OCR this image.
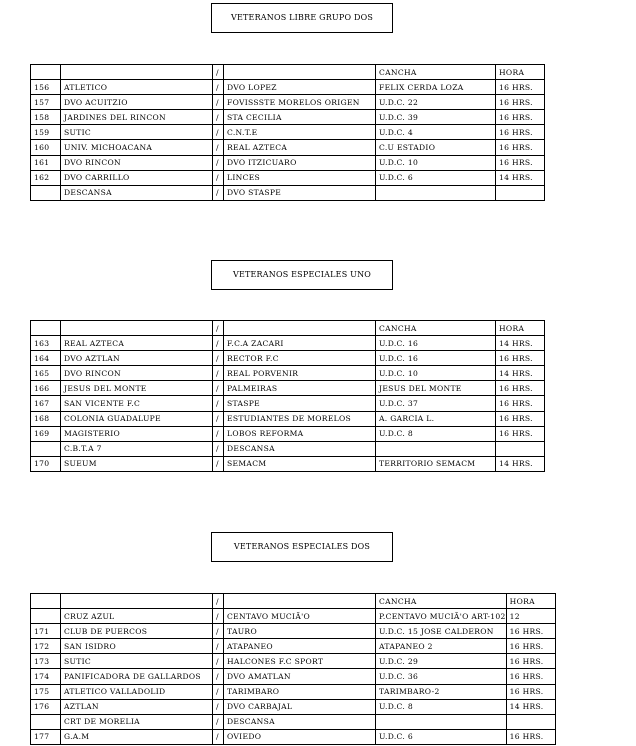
VETERANOS LIBRE GRUPO DOS
		/		CANCHA	HORA
156	ATLETICO	/	DVO LOPEZ	FELIX CERDA LOZA	16 HRS.
157	DVO ACUITZIO	/	FOVISSSTE MORELOS ORIGEN	U.D.C. 22	16 HRS.
158	JARDINES DEL RINCON	/	STA CECILIA	U.D.C. 39	16 HRS.
159	SUTIC	/	C.N.T.E	U.D.C. 4	16 HRS.
160	UNIV. MICHOACANA	/	REAL AZTECA	C.U ESTADIO	16 HRS.
161	DVO RINCON	/	DVO ITZICUARO	U.D.C. 10	16 HRS.
162	DVO CARRILLO	/	LINCES	U.D.C. 6	14 HRS.
	DESCANSA	/	DVO STASPE		
VETERANOS ESPECIALES UNO
		/		CANCHA	HORA
163	REAL AZTECA	/	F.C.A ZACARI	U.D.C. 16	14 HRS.
164	DVO AZTLAN	/	RECTOR F.C	U.D.C. 16	16 HRS.
165	DVO RINCON	/	REAL PORVENIR	U.D.C. 10	14 HRS.
166	JESUS DEL MONTE	/	PALMEIRAS	JESUS DEL MONTE	16 HRS.
167	SAN VICENTE F.C	/	STASPE	U.D.C. 37	16 HRS.
168	COLONIA GUADALUPE	/	ESTUDIANTES DE MORELOS	A. GARCIA L.	16 HRS.
169	MAGISTERIO	/	LOBOS REFORMA	U.D.C. 8	16 HRS.
	C.B.T.A 7	/	DESCANSA		
170	SUEUM	/	SEMACM	TERRITORIO SEMACM	14 HRS.
VETERANOS ESPECIALES DOS
		/		CANCHA	HORA
	CRUZ AZUL	/	CENTAVO MUCIÃ'O	P.CENTAVO MUCIÃ'O ART-102	12
171	CLUB DE PUERCOS	/	TAURO	U.D.C. 15 JOSE CALDERON	16 HRS.
172	SAN ISIDRO	/	ATAPANEO	ATAPANEO 2	16 HRS.
173	SUTIC	/	HALCONES F.C SPORT	U.D.C. 29	16 HRS.
174	PANIFICADORA DE GALLARDOS	/	DVO AMATLAN	U.D.C. 36	16 HRS.
175	ATLETICO VALLADOLID	/	TARIMBARO	TARIMBARO-2	16 HRS.
176	AZTLAN	/	DVO CARBAJAL	U.D.C. 8	14 HRS.
	CRT DE MORELIA	/	DESCANSA		
177	G.A.M	/	OVIEDO	U.D.C. 6	16 HRS.
